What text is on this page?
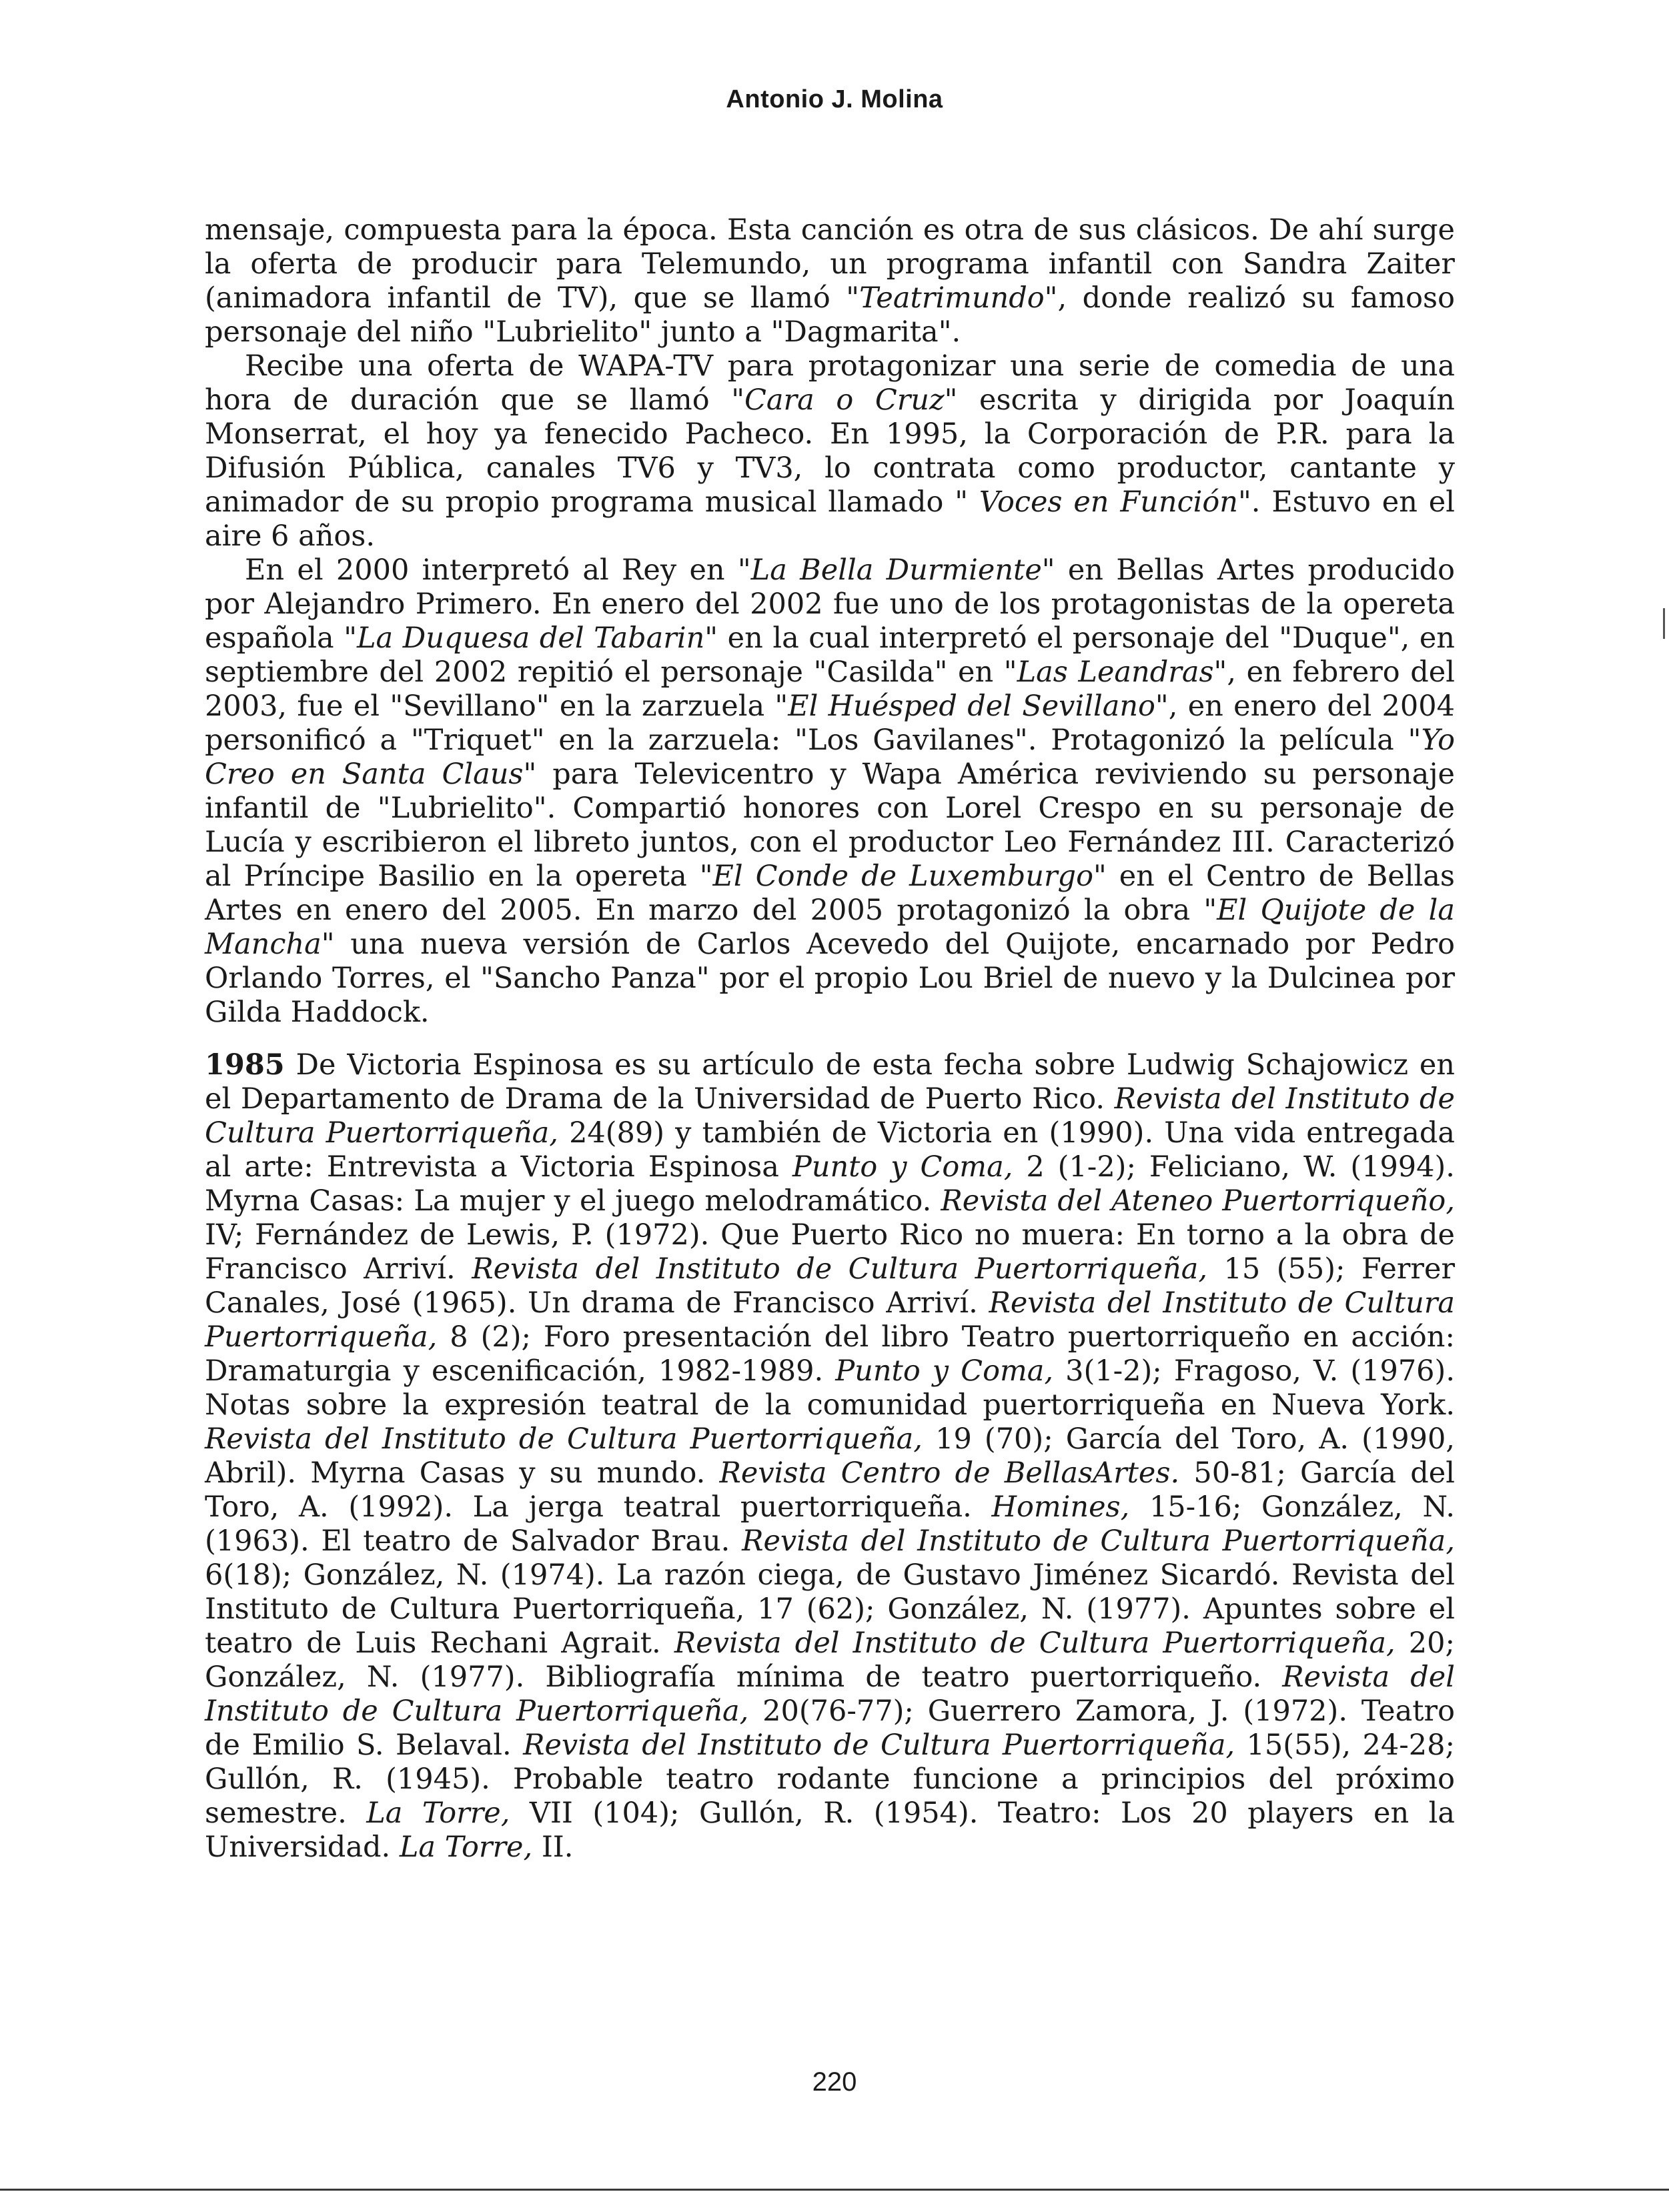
Antonio J. Molina

mensaje, compuesta para la época. Esta canción es otra de sus clásicos. De ahí surge la oferta de producir para Telemundo, un programa infantil con Sandra Zaiter (animadora infantil de TV), que se llamó "Teatrimundo", donde realizó su famoso personaje del niño "Lubrielito" junto a "Dagmarita".

Recibe una oferta de WAPA-TV para protagonizar una serie de comedia de una hora de duración que se llamó "Cara o Cruz" escrita y dirigida por Joaquín Monserrat, el hoy ya fenecido Pacheco. En 1995, la Corporación de P.R. para la Difusión Pública, canales TV6 y TV3, lo contrata como productor, cantante y animador de su propio programa musical llamado " Voces en Función". Estuvo en el aire 6 años.

En el 2000 interpretó al Rey en "La Bella Durmiente" en Bellas Artes producido por Alejandro Primero. En enero del 2002 fue uno de los protagonistas de la opereta española "La Duquesa del Tabarin" en la cual interpretó el personaje del "Duque", en septiembre del 2002 repitió el personaje "Casilda" en "Las Leandras", en febrero del 2003, fue el "Sevillano" en la zarzuela "El Huésped del Sevillano", en enero del 2004 personificó a "Triquet" en la zarzuela: "Los Gavilanes". Protagonizó la película "Yo Creo en Santa Claus" para Televicentro y Wapa América reviviendo su personaje infantil de "Lubrielito". Compartió honores con Lorel Crespo en su personaje de Lucía y escribieron el libreto juntos, con el productor Leo Fernández III. Caracterizó al Príncipe Basilio en la opereta "El Conde de Luxemburgo" en el Centro de Bellas Artes en enero del 2005. En marzo del 2005 protagonizó la obra "El Quijote de la Mancha" una nueva versión de Carlos Acevedo del Quijote, encarnado por Pedro Orlando Torres, el "Sancho Panza" por el propio Lou Briel de nuevo y la Dulcinea por Gilda Haddock.

1985 De Victoria Espinosa es su artículo de esta fecha sobre Ludwig Schajowicz en el Departamento de Drama de la Universidad de Puerto Rico. Revista del Instituto de Cultura Puertorriqueña, 24(89) y también de Victoria en (1990). Una vida entregada al arte: Entrevista a Victoria Espinosa Punto y Coma, 2 (1-2); Feliciano, W. (1994). Myrna Casas: La mujer y el juego melodramático. Revista del Ateneo Puertorriqueño, IV; Fernández de Lewis, P. (1972). Que Puerto Rico no muera: En torno a la obra de Francisco Arriví. Revista del Instituto de Cultura Puertorriqueña, 15 (55); Ferrer Canales, José (1965). Un drama de Francisco Arriví. Revista del Instituto de Cultura Puertorriqueña, 8 (2); Foro presentación del libro Teatro puertorriqueño en acción: Dramaturgia y escenificación, 1982-1989. Punto y Coma, 3(1-2); Fragoso, V. (1976). Notas sobre la expresión teatral de la comunidad puertorriqueña en Nueva York. Revista del Instituto de Cultura Puertorriqueña, 19 (70); García del Toro, A. (1990, Abril). Myrna Casas y su mundo. Revista Centro de BellasArtes. 50-81; García del Toro, A. (1992). La jerga teatral puertorriqueña. Homines, 15-16; González, N. (1963). El teatro de Salvador Brau. Revista del Instituto de Cultura Puertorriqueña, 6(18); González, N. (1974). La razón ciega, de Gustavo Jiménez Sicardó. Revista del Instituto de Cultura Puertorriqueña, 17 (62); González, N. (1977). Apuntes sobre el teatro de Luis Rechani Agrait. Revista del Instituto de Cultura Puertorriqueña, 20; González, N. (1977). Bibliografía mínima de teatro puertorriqueño. Revista del Instituto de Cultura Puertorriqueña, 20(76-77); Guerrero Zamora, J. (1972). Teatro de Emilio S. Belaval. Revista del Instituto de Cultura Puertorriqueña, 15(55), 24-28; Gullón, R. (1945). Probable teatro rodante funcione a principios del próximo semestre. La Torre, VII (104); Gullón, R. (1954). Teatro: Los 20 players en la Universidad. La Torre, II.

220
